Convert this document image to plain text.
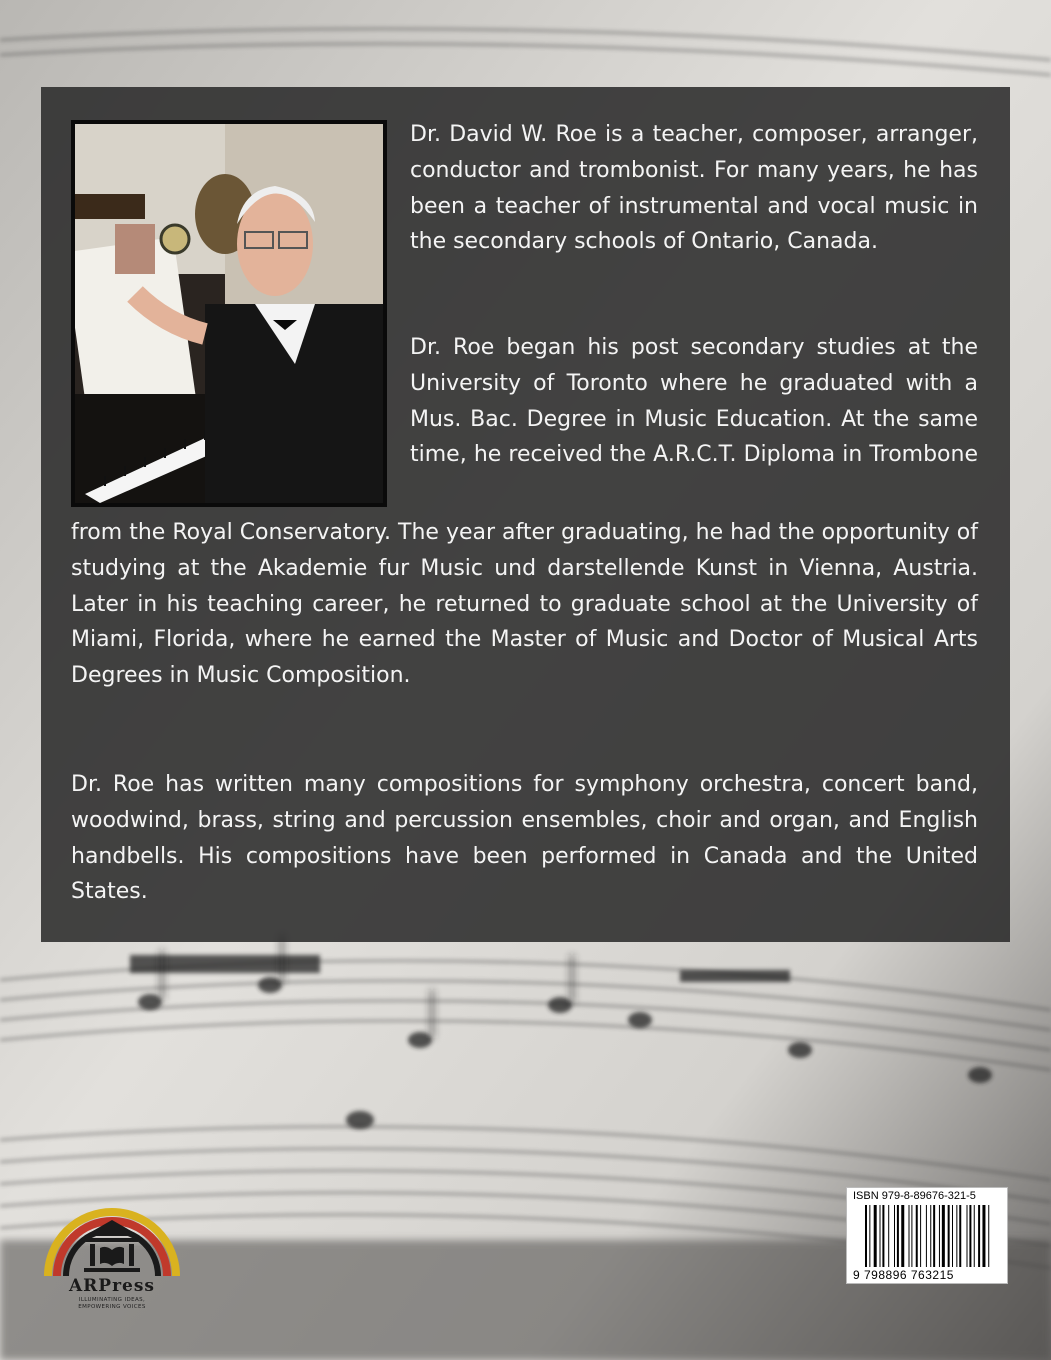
Dr. David W. Roe is a teacher, composer, arranger, conductor and trombonist. For many years, he has been a teacher of instrumental and vocal music in the secondary schools of Ontario, Canada.

Dr. Roe began his post secondary studies at the University of Toronto where he graduated with a Mus. Bac. Degree in Music Education. At the same time, he received the A.R.C.T. Diploma in Trombone

from the Royal Conservatory. The year after graduating, he had the opportunity of studying at the Akademie fur Music und darstellende Kunst in Vienna, Austria. Later in his teaching career, he returned to graduate school at the University of Miami, Florida, where he earned the Master of Music and Doctor of Musical Arts Degrees in Music Composition.

Dr. Roe has written many compositions for symphony orchestra, concert band, woodwind, brass, string and percussion ensembles, choir and organ, and English handbells. His compositions have been performed in Canada and the United States.

ARPress
ILLUMINATING IDEAS,
EMPOWERING VOICES
ISBN 979-8-89676-321-5
9 798896 763215
